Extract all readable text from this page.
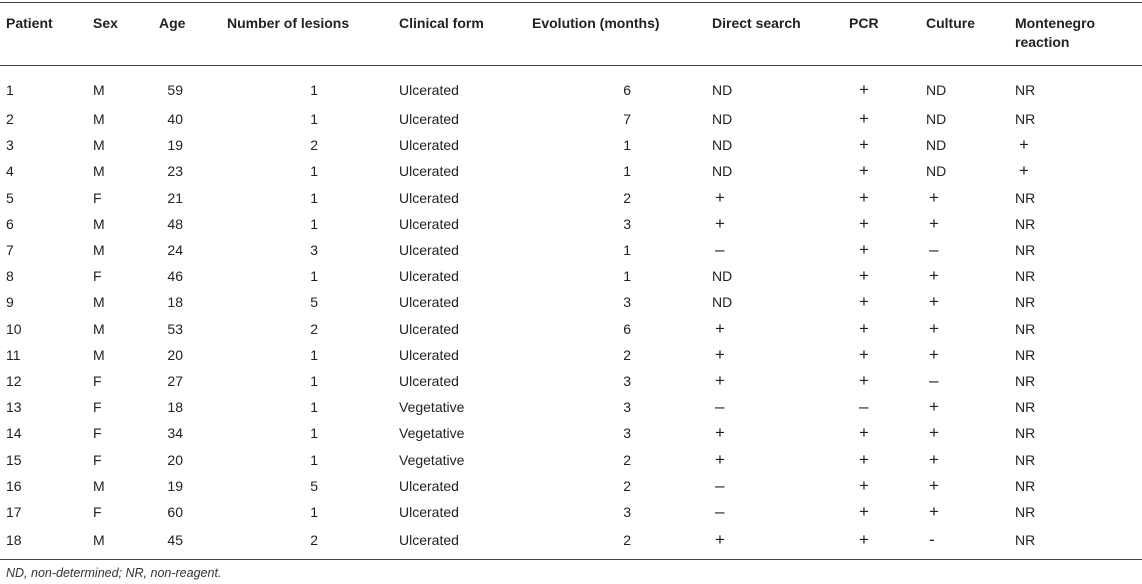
Patient	Sex	Age	Number of lesions	Clinical form	Evolution (months)	Direct search	PCR	Culture	Montenegro reaction
1	M	59	1	Ulcerated	6	ND	+	ND	NR
2	M	40	1	Ulcerated	7	ND	+	ND	NR
3	M	19	2	Ulcerated	1	ND	+	ND	+
4	M	23	1	Ulcerated	1	ND	+	ND	+
5	F	21	1	Ulcerated	2	+	+	+	NR
6	M	48	1	Ulcerated	3	+	+	+	NR
7	M	24	3	Ulcerated	1	–	+	–	NR
8	F	46	1	Ulcerated	1	ND	+	+	NR
9	M	18	5	Ulcerated	3	ND	+	+	NR
10	M	53	2	Ulcerated	6	+	+	+	NR
11	M	20	1	Ulcerated	2	+	+	+	NR
12	F	27	1	Ulcerated	3	+	+	–	NR
13	F	18	1	Vegetative	3	–	–	+	NR
14	F	34	1	Vegetative	3	+	+	+	NR
15	F	20	1	Vegetative	2	+	+	+	NR
16	M	19	5	Ulcerated	2	–	+	+	NR
17	F	60	1	Ulcerated	3	–	+	+	NR
18	M	45	2	Ulcerated	2	+	+	-	NR
ND, non-determined; NR, non-reagent.
